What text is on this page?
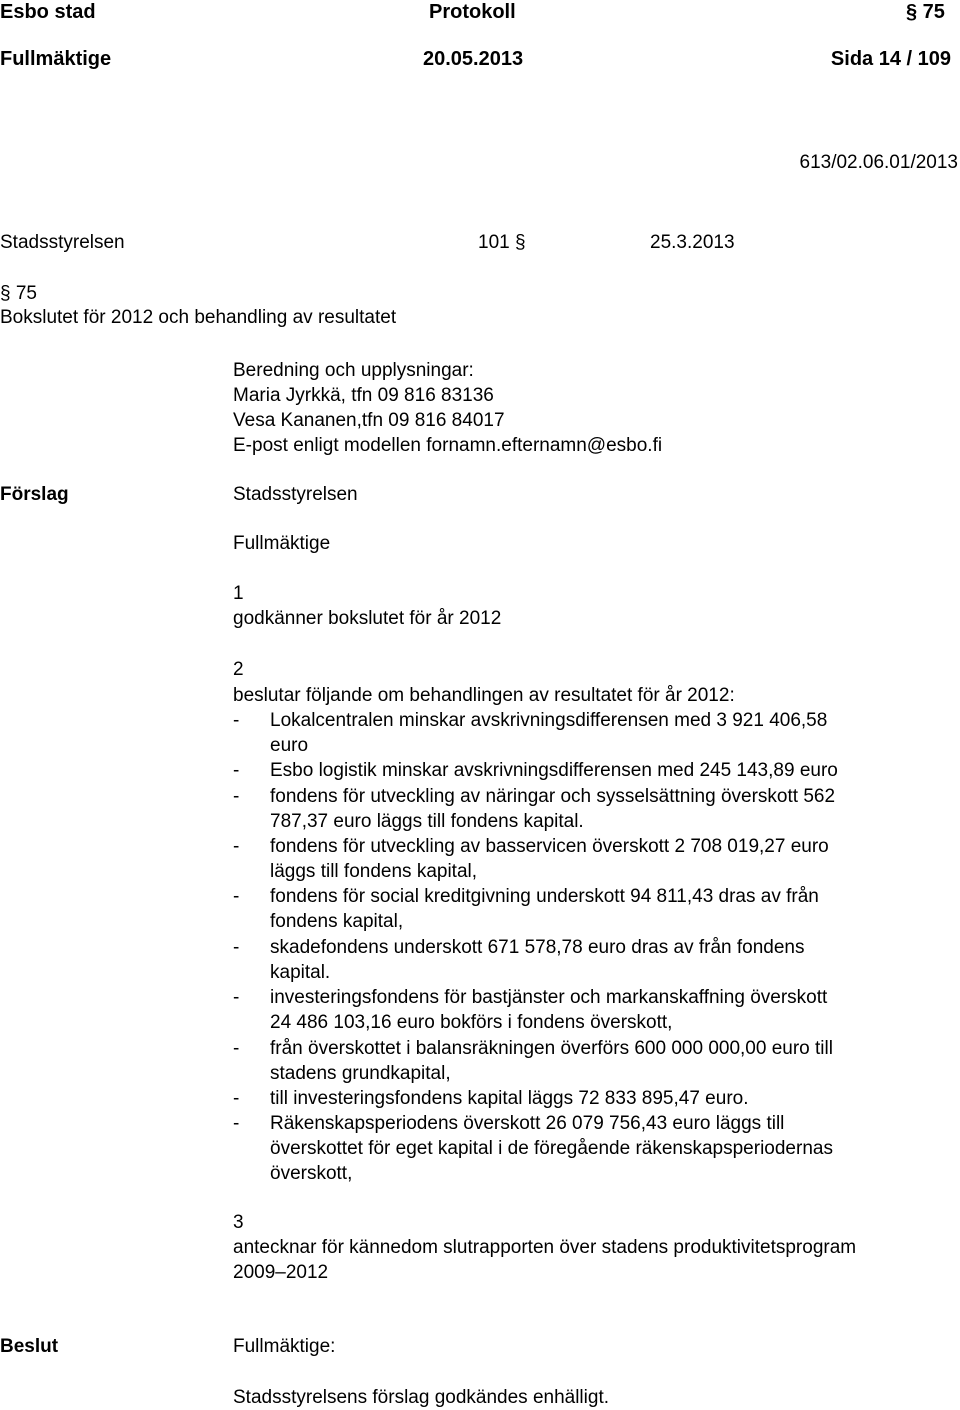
Esbo stad	Protokoll	§ 75
Fullmäktige	20.05.2013	Sida 14 / 109
613/02.06.01/2013
Stadsstyrelsen	101 §	25.3.2013
§ 75
Bokslutet för 2012 och behandling av resultatet
Beredning och upplysningar:
Maria Jyrkkä, tfn 09 816 83136
Vesa Kananen,tfn 09 816 84017
E-post enligt modellen fornamn.efternamn@esbo.fi
Förslag	Stadsstyrelsen
Fullmäktige
1
godkänner bokslutet för år 2012
2
beslutar följande om behandlingen av resultatet för år 2012:
- Lokalcentralen minskar avskrivningsdifferensen med 3 921 406,58
euro
- Esbo logistik minskar avskrivningsdifferensen med 245 143,89 euro
- fondens för utveckling av näringar och sysselsättning överskott 562
787,37 euro läggs till fondens kapital.
- fondens för utveckling av basservicen överskott 2 708 019,27 euro
läggs till fondens kapital,
- fondens för social kreditgivning underskott 94 811,43 dras av från
fondens kapital,
- skadefondens underskott 671 578,78 euro dras av från fondens
kapital.
- investeringsfondens för bastjänster och markanskaffning överskott
24 486 103,16 euro bokförs i fondens överskott,
- från överskottet i balansräkningen överförs 600 000 000,00 euro till
stadens grundkapital,
- till investeringsfondens kapital läggs 72 833 895,47 euro.
- Räkenskapsperiodens överskott 26 079 756,43 euro läggs till
överskottet för eget kapital i de föregående räkenskapsperiodernas
överskott,
3
antecknar för kännedom slutrapporten över stadens produktivitetsprogram
2009–2012
Beslut	Fullmäktige:
Stadsstyrelsens förslag godkändes enhälligt.
